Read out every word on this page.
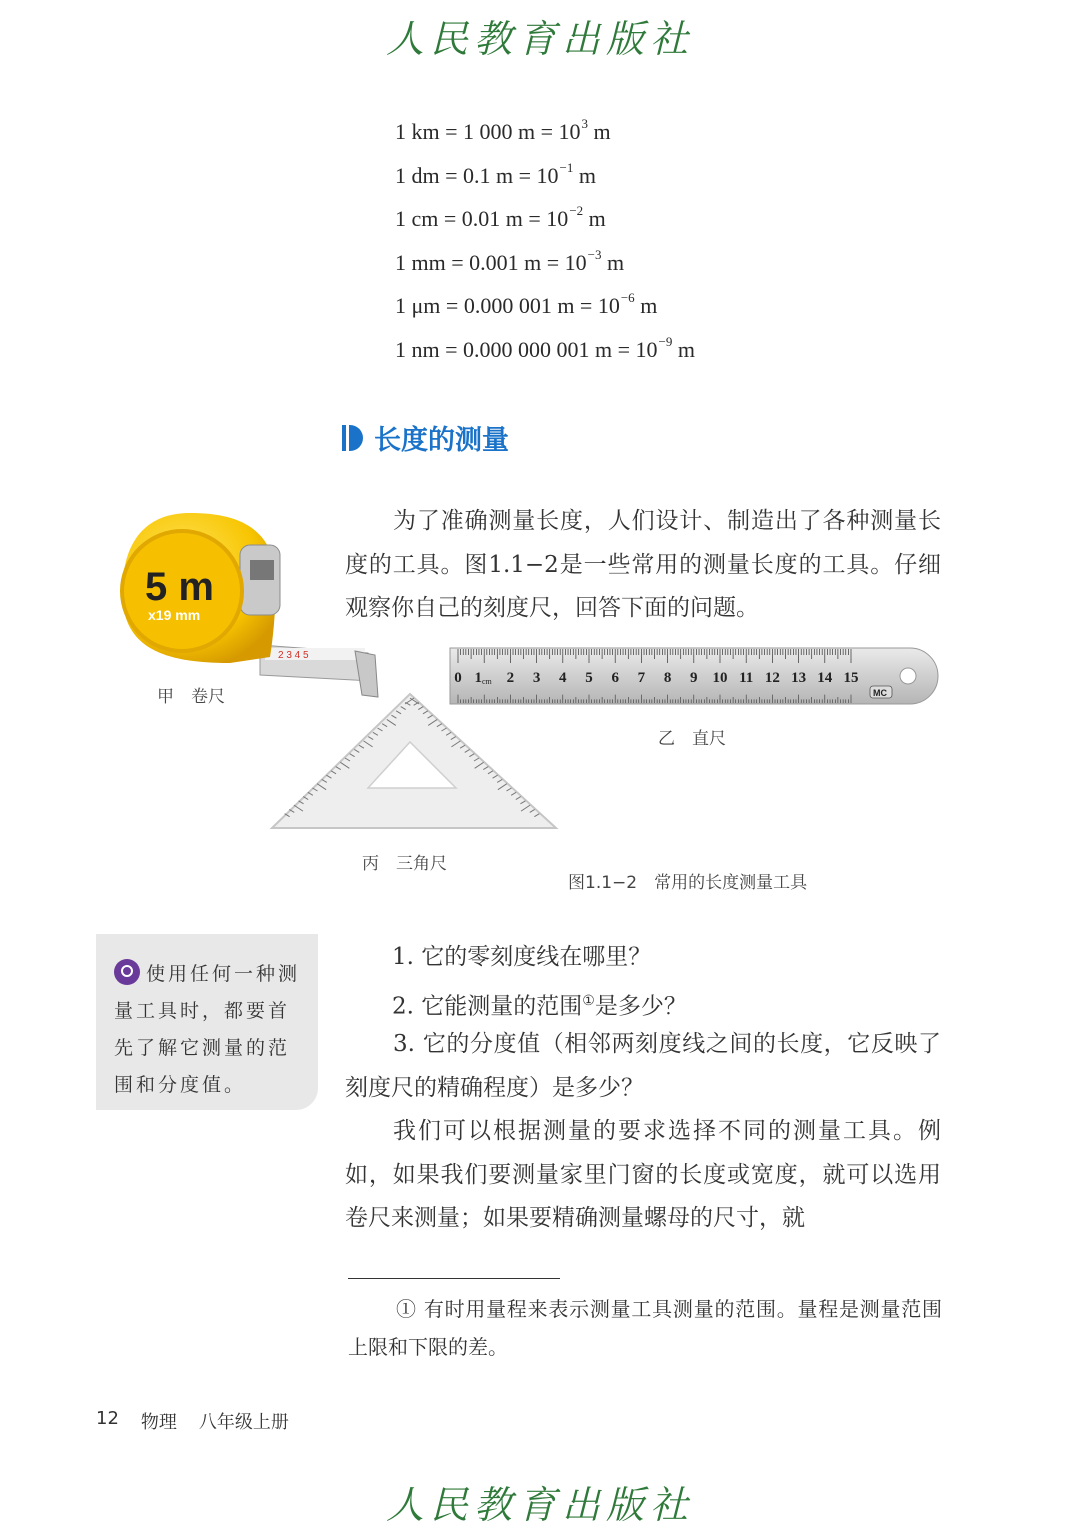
人民教育出版社
1 km = 1 000 $m = 10^3$ m
1 dm = 0.1 $m = 10^{-1}$ m
1 cm = 0.01 $m = 10^{-2}$ m
1 mm = 0.001 $m = 10^{-3}$ m
1 μm = 0.000 001 $m = 10^{-6}$ m
1 nm = 0.000 000 001 $m = 10^{-9}$ m
长度的测量
为了准确测量长度，人们设计、制造出了各种测量长度的工具。图1.1−2是一些常用的测量长度的工具。仔细观察你自己的刻度尺，回答下面的问题。
2 3 4 5
5 m
x19 mm
甲　卷尺
0 1 2 3 4 5 6 7 8 9 10 11 12 13 14 15
cm
MC
乙　直尺
丙　三角尺
图1.1−2　常用的长度测量工具
使用任何一种测量工具时，都要首先了解它测量的范围和分度值。
1. 它的零刻度线在哪里？
2. 它能测量的范围①是多少？
3. 它的分度值（相邻两刻度线之间的长度，它反映了刻度尺的精确程度）是多少？
我们可以根据测量的要求选择不同的测量工具。例如，如果我们要测量家里门窗的长度或宽度，就可以选用卷尺来测量；如果要精确测量螺母的尺寸，就
① 有时用量程来表示测量工具测量的范围。量程是测量范围上限和下限的差。
12 物理 八年级上册
人民教育出版社
